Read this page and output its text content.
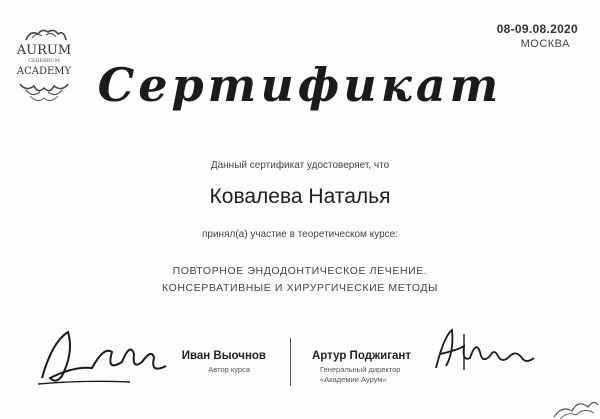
AURUM
CEREBRUM
ACADEMY
08-09.08.2020
МОСКВА
Сертификат
Данный сертификат удостоверяет, что
Ковалева Наталья
принял(а) участие в теоретическом курсе:
ПОВТОРНОЕ ЭНДОДОНТИЧЕСКОЕ ЛЕЧЕНИЕ.
КОНСЕРВАТИВНЫЕ И ХИРУРГИЧЕСКИЕ МЕТОДЫ
Иван Выочнов
Автор курса
Артур Поджигант
Генеральный директор
«Академии Аурум»
